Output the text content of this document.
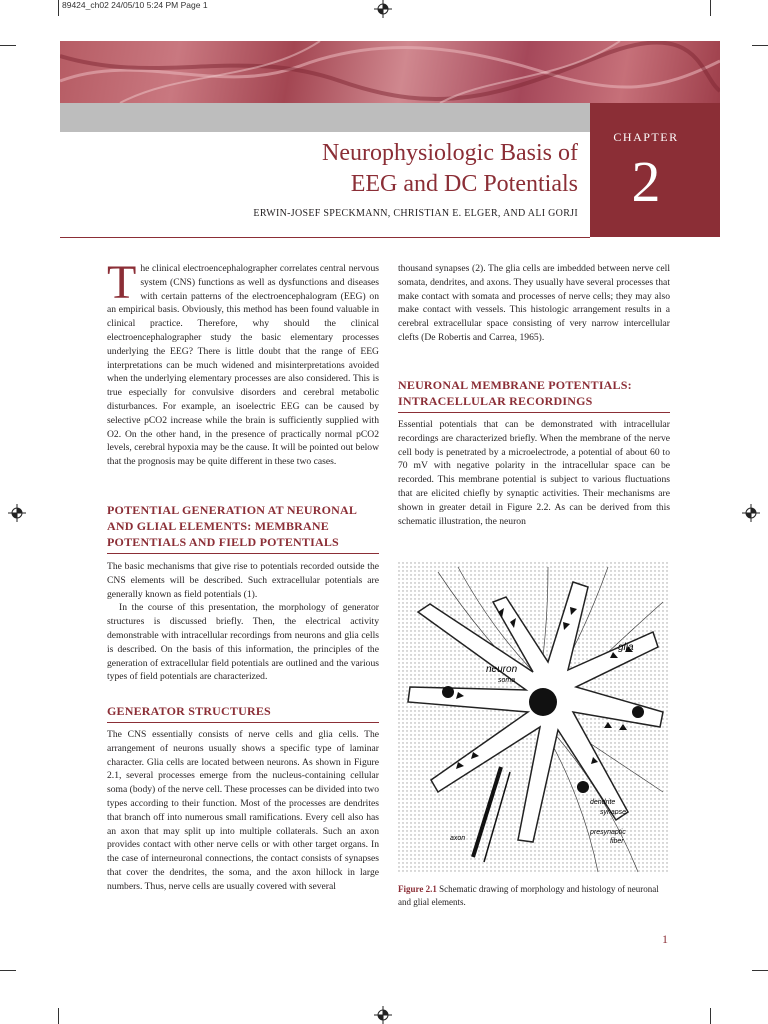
89424_ch02 24/05/10 5:24 PM Page 1
CHAPTER
2
Neurophysiologic Basis of
EEG and DC Potentials
ERWIN-JOSEF SPECKMANN, CHRISTIAN E. ELGER, AND ALI GORJI
T he clinical electroencephalographer correlates central nervous system (CNS) functions as well as dysfunctions and diseases with certain patterns of the electroencephalogram (EEG) on an empirical basis. Obviously, this method has been found valuable in clinical practice. Therefore, why should the clinical electroencephalographer study the basic elementary processes underlying the EEG? There is little doubt that the range of EEG interpretations can be much widened and misinterpretations avoided when the underlying elementary processes are also considered. This is true especially for convulsive disorders and cerebral metabolic disturbances. For example, an isoelectric EEG can be caused by selective pCO2 increase while the brain is sufficiently supplied with O2. On the other hand, in the presence of practically normal pCO2 levels, cerebral hypoxia may be the cause. It will be pointed out below that the prognosis may be quite different in these two cases.

POTENTIAL GENERATION AT NEURONAL AND GLIAL ELEMENTS: MEMBRANE POTENTIALS AND FIELD POTENTIALS

The basic mechanisms that give rise to potentials recorded outside the CNS elements will be described. Such extracellular potentials are generally known as field potentials (1).

In the course of this presentation, the morphology of generator structures is discussed briefly. Then, the electrical activity demonstrable with intracellular recordings from neurons and glia cells is described. On the basis of this information, the principles of the generation of extracellular field potentials are outlined and the various types of field potentials are characterized.

GENERATOR STRUCTURES

The CNS essentially consists of nerve cells and glia cells. The arrangement of neurons usually shows a specific type of laminar character. Glia cells are located between neurons. As shown in Figure 2.1, several processes emerge from the nucleus-containing cellular soma (body) of the nerve cell. These processes can be divided into two types according to their function. Most of the processes are dendrites that branch off into numerous small ramifications. Every cell also has an axon that may split up into multiple collaterals. Such an axon provides contact with other nerve cells or with other target organs. In the case of interneuronal connections, the contact consists of synapses that cover the dendrites, the soma, and the axon hillock in large numbers. Thus, nerve cells are usually covered with several

thousand synapses (2). The glia cells are imbedded between nerve cell somata, dendrites, and axons. They usually have several processes that make contact with somata and processes of nerve cells; they may also make contact with vessels. This histologic arrangement results in a cerebral extracellular space consisting of very narrow intercellular clefts (De Robertis and Carrea, 1965).

NEURONAL MEMBRANE POTENTIALS: INTRACELLULAR RECORDINGS

Essential potentials that can be demonstrated with intracellular recordings are characterized briefly. When the membrane of the nerve cell body is penetrated by a microelectrode, a potential of about 60 to 70 mV with negative polarity in the intracellular space can be recorded. This membrane potential is subject to various fluctuations that are elicited chiefly by synaptic activities. Their mechanisms are shown in greater detail in Figure 2.2. As can be derived from this schematic illustration, the neuron

glia
neuron
soma
dendrite
synapse
presynaptic
fiber
axon
Figure 2.1 Schematic drawing of morphology and histology of neuronal and glial elements.
1
